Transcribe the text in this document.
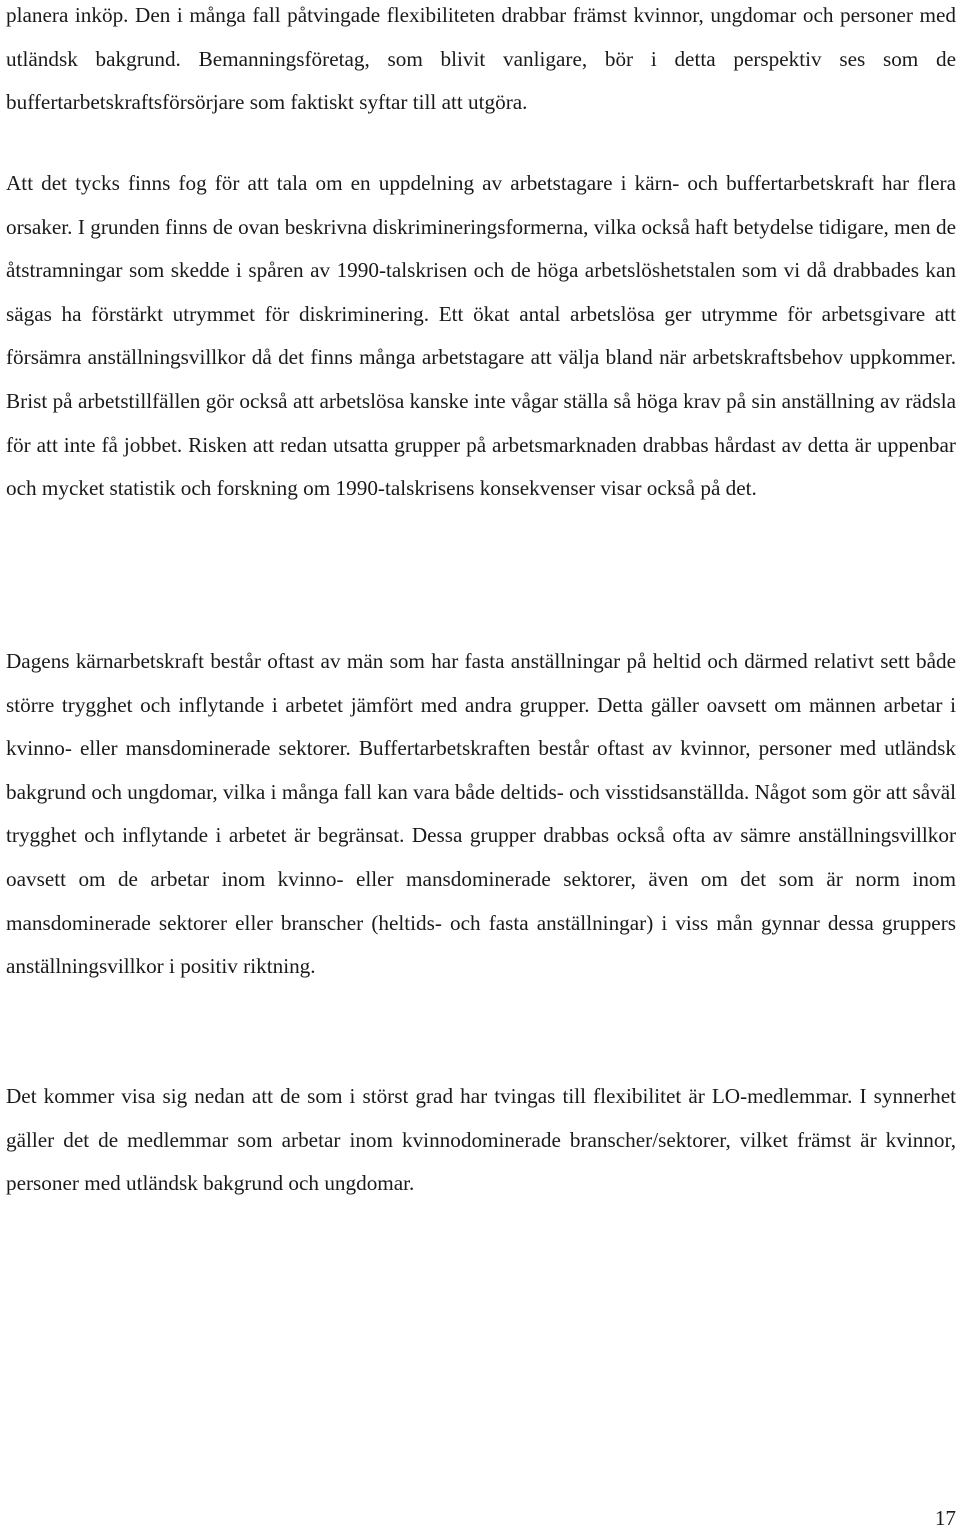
planera inköp. Den i många fall påtvingade flexibiliteten drabbar främst kvinnor, ungdomar och personer med utländsk bakgrund. Bemanningsföretag, som blivit vanligare, bör i detta perspektiv ses som de buffertarbetskraftsförsörjare som faktiskt syftar till att utgöra.

Att det tycks finns fog för att tala om en uppdelning av arbetstagare i kärn- och buffertarbetskraft har flera orsaker. I grunden finns de ovan beskrivna diskrimineringsformerna, vilka också haft betydelse tidigare, men de åtstramningar som skedde i spåren av 1990-talskrisen och de höga arbetslöshetstalen som vi då drabbades kan sägas ha förstärkt utrymmet för diskriminering. Ett ökat antal arbetslösa ger utrymme för arbetsgivare att försämra anställningsvillkor då det finns många arbetstagare att välja bland när arbetskraftsbehov uppkommer. Brist på arbetstillfällen gör också att arbetslösa kanske inte vågar ställa så höga krav på sin anställning av rädsla för att inte få jobbet. Risken att redan utsatta grupper på arbetsmarknaden drabbas hårdast av detta är uppenbar och mycket statistik och forskning om 1990-talskrisens konsekvenser visar också på det.

Dagens kärnarbetskraft består oftast av män som har fasta anställningar på heltid och därmed relativt sett både större trygghet och inflytande i arbetet jämfört med andra grupper. Detta gäller oavsett om männen arbetar i kvinno- eller mansdominerade sektorer. Buffertarbetskraften består oftast av kvinnor, personer med utländsk bakgrund och ungdomar, vilka i många fall kan vara både deltids- och visstidsanställda. Något som gör att såväl trygghet och inflytande i arbetet är begränsat. Dessa grupper drabbas också ofta av sämre anställningsvillkor oavsett om de arbetar inom kvinno- eller mansdominerade sektorer, även om det som är norm inom mansdominerade sektorer eller branscher (heltids- och fasta anställningar) i viss mån gynnar dessa gruppers anställningsvillkor i positiv riktning.

Det kommer visa sig nedan att de som i störst grad har tvingas till flexibilitet är LO-medlemmar. I synnerhet gäller det de medlemmar som arbetar inom kvinnodominerade branscher/sektorer, vilket främst är kvinnor, personer med utländsk bakgrund och ungdomar.

17
